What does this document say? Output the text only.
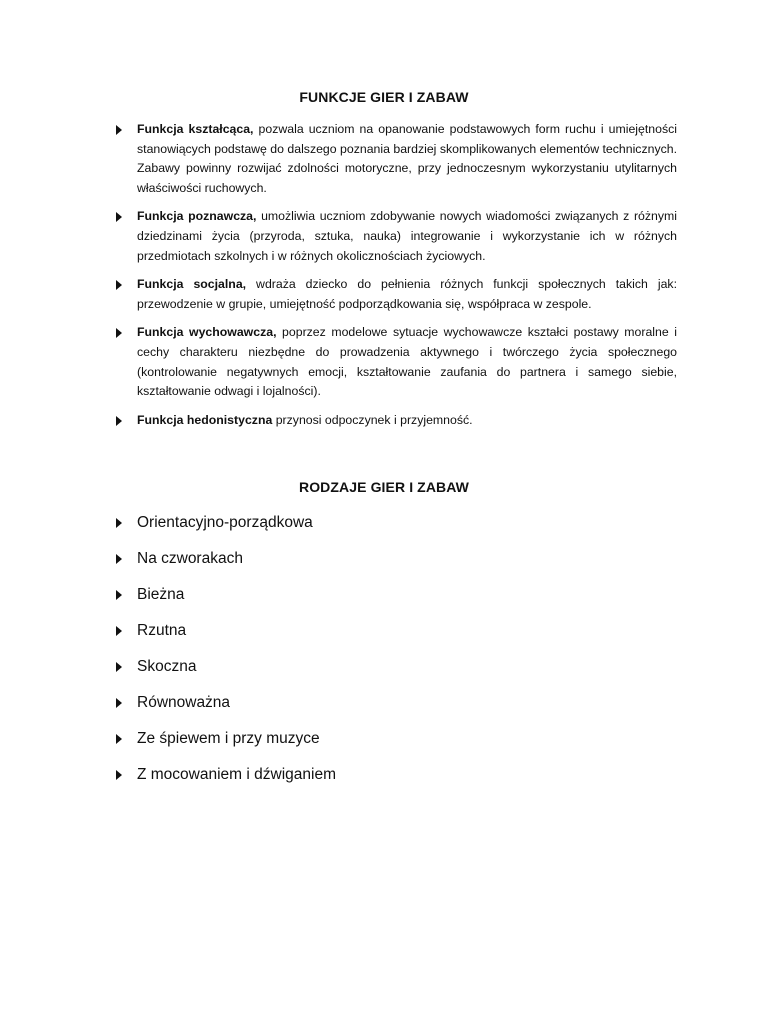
FUNKCJE GIER I ZABAW
Funkcja kształcąca, pozwala uczniom na opanowanie podstawowych form ruchu i umiejętności stanowiących podstawę do dalszego poznania bardziej skomplikowanych elementów technicznych. Zabawy powinny rozwijać zdolności motoryczne, przy jednoczesnym wykorzystaniu utylitarnych właściwości ruchowych.
Funkcja poznawcza, umożliwia uczniom zdobywanie nowych wiadomości związanych z różnymi dziedzinami życia (przyroda, sztuka, nauka) integrowanie i wykorzystanie ich w różnych przedmiotach szkolnych i w różnych okolicznościach życiowych.
Funkcja socjalna, wdraża dziecko do pełnienia różnych funkcji społecznych takich jak: przewodzenie w grupie, umiejętność podporządkowania się, współpraca w zespole.
Funkcja wychowawcza, poprzez modelowe sytuacje wychowawcze kształci postawy moralne i cechy charakteru niezbędne do prowadzenia aktywnego i twórczego życia społecznego (kontrolowanie negatywnych emocji, kształtowanie zaufania do partnera i samego siebie, kształtowanie odwagi i lojalności).
Funkcja hedonistyczna przynosi odpoczynek i przyjemność.
RODZAJE GIER I ZABAW
Orientacyjno-porządkowa
Na czworakach
Bieżna
Rzutna
Skoczna
Równoważna
Ze śpiewem i przy muzyce
Z mocowaniem i dźwiganiem
